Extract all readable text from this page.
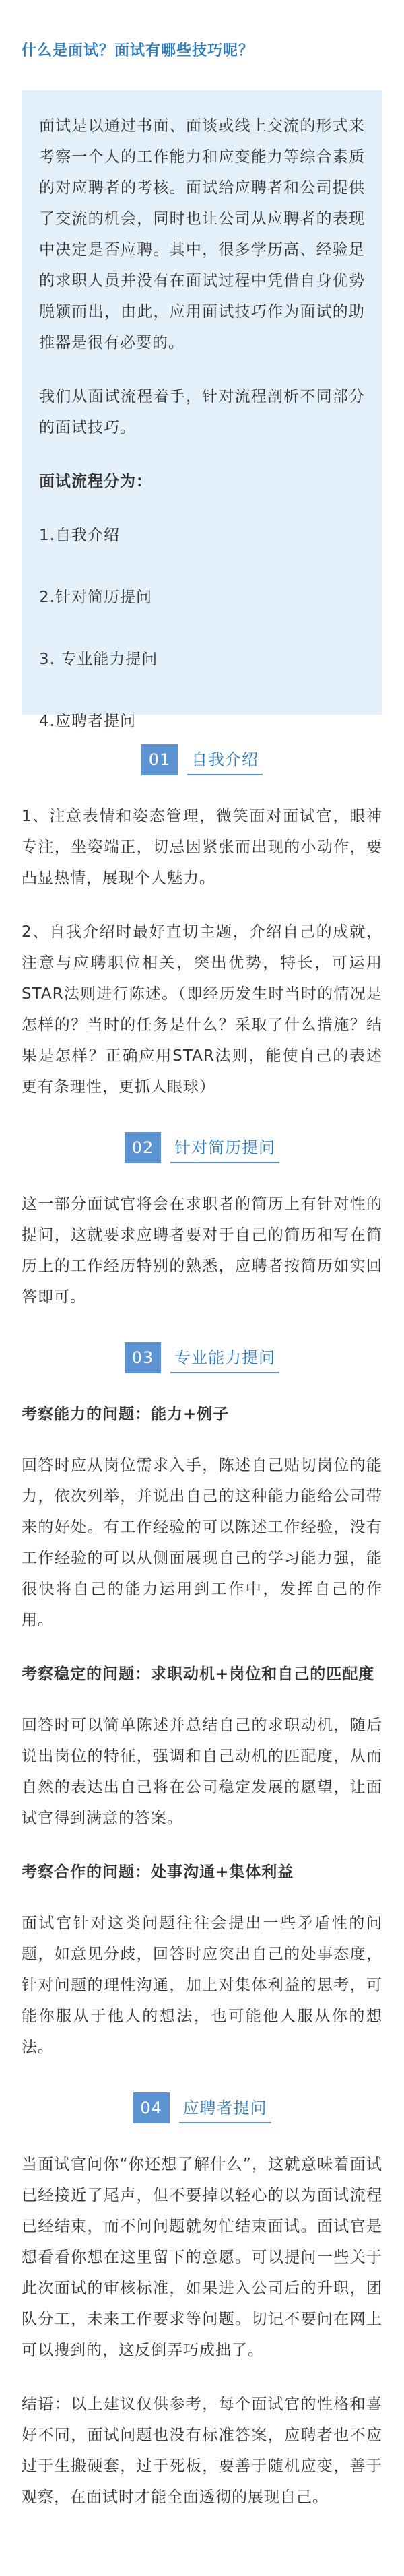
什么是面试？面试有哪些技巧呢？

面试是以通过书面、面谈或线上交流的形式来考察一个人的工作能力和应变能力等综合素质的对应聘者的考核。面试给应聘者和公司提供了交流的机会，同时也让公司从应聘者的表现中决定是否应聘。其中，很多学历高、经验足的求职人员并没有在面试过程中凭借自身优势脱颖而出，由此，应用面试技巧作为面试的助推器是很有必要的。

我们从面试流程着手，针对流程剖析不同部分的面试技巧。

面试流程分为：

1.自我介绍

2.针对简历提问

3. 专业能力提问

4.应聘者提问

01	自我介绍

1、注意表情和姿态管理，微笑面对面试官，眼神专注，坐姿端正，切忌因紧张而出现的小动作，要凸显热情，展现个人魅力。

2、自我介绍时最好直切主题，介绍自己的成就，注意与应聘职位相关，突出优势，特长，可运用STAR法则进行陈述。（即经历发生时当时的情况是怎样的？当时的任务是什么？采取了什么措施？结果是怎样？正确应用STAR法则，能使自己的表述更有条理性，更抓人眼球）

02	针对简历提问

这一部分面试官将会在求职者的简历上有针对性的提问，这就要求应聘者要对于自己的简历和写在简历上的工作经历特别的熟悉，应聘者按简历如实回答即可。

03	专业能力提问

考察能力的问题：能力+例子

回答时应从岗位需求入手，陈述自己贴切岗位的能力，依次列举，并说出自己的这种能力能给公司带来的好处。有工作经验的可以陈述工作经验，没有工作经验的可以从侧面展现自己的学习能力强，能很快将自己的能力运用到工作中，发挥自己的作用。

考察稳定的问题：求职动机+岗位和自己的匹配度

回答时可以简单陈述并总结自己的求职动机，随后说出岗位的特征，强调和自己动机的匹配度，从而自然的表达出自己将在公司稳定发展的愿望，让面试官得到满意的答案。

考察合作的问题：处事沟通+集体利益

面试官针对这类问题往往会提出一些矛盾性的问题，如意见分歧，回答时应突出自己的处事态度，针对问题的理性沟通，加上对集体利益的思考，可能你服从于他人的想法，也可能他人服从你的想法。

04	应聘者提问

当面试官问你“你还想了解什么”，这就意味着面试已经接近了尾声，但不要掉以轻心的以为面试流程已经结束，而不问问题就匆忙结束面试。面试官是想看看你想在这里留下的意愿。可以提问一些关于此次面试的审核标准，如果进入公司后的升职，团队分工，未来工作要求等问题。切记不要问在网上可以搜到的，这反倒弄巧成拙了。

结语：以上建议仅供参考，每个面试官的性格和喜好不同，面试问题也没有标准答案，应聘者也不应过于生搬硬套，过于死板，要善于随机应变，善于观察，在面试时才能全面透彻的展现自己。
